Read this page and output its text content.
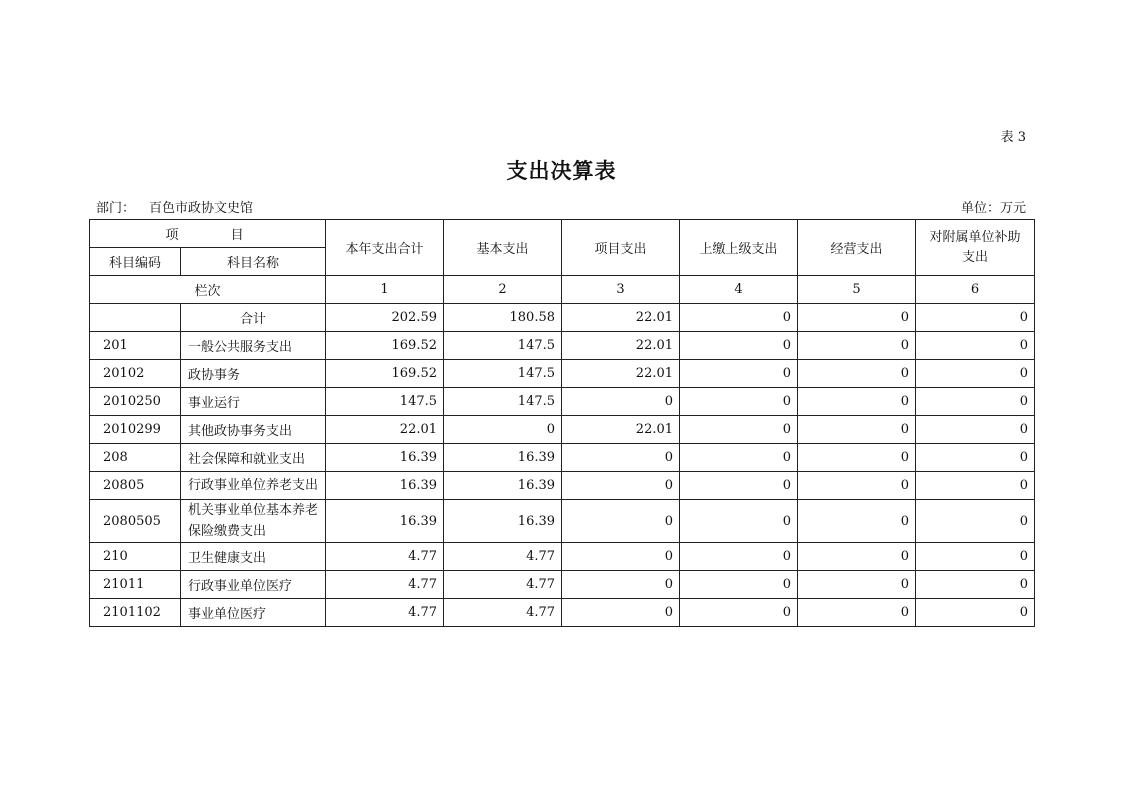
表 3
支出决算表
部门： 百色市政协文史馆	单位：万元
项 目		本年支出合计	基本支出	项目支出	上缴上级支出	经营支出	对附属单位补助
支出
科目编码	科目名称						
栏次		1	2	3	4	5	6
	合计	202.59	180.58	22.01	0	0	0
201	一般公共服务支出	169.52	147.5	22.01	0	0	0
20102	政协事务	169.52	147.5	22.01	0	0	0
2010250	事业运行	147.5	147.5	0	0	0	0
2010299	其他政协事务支出	22.01	0	22.01	0	0	0
208	社会保障和就业支出	16.39	16.39	0	0	0	0
20805	行政事业单位养老支出	16.39	16.39	0	0	0	0
2080505	机关事业单位基本养老保险缴费支出	16.39	16.39	0	0	0	0
210	卫生健康支出	4.77	4.77	0	0	0	0
21011	行政事业单位医疗	4.77	4.77	0	0	0	0
2101102	事业单位医疗	4.77	4.77	0	0	0	0
